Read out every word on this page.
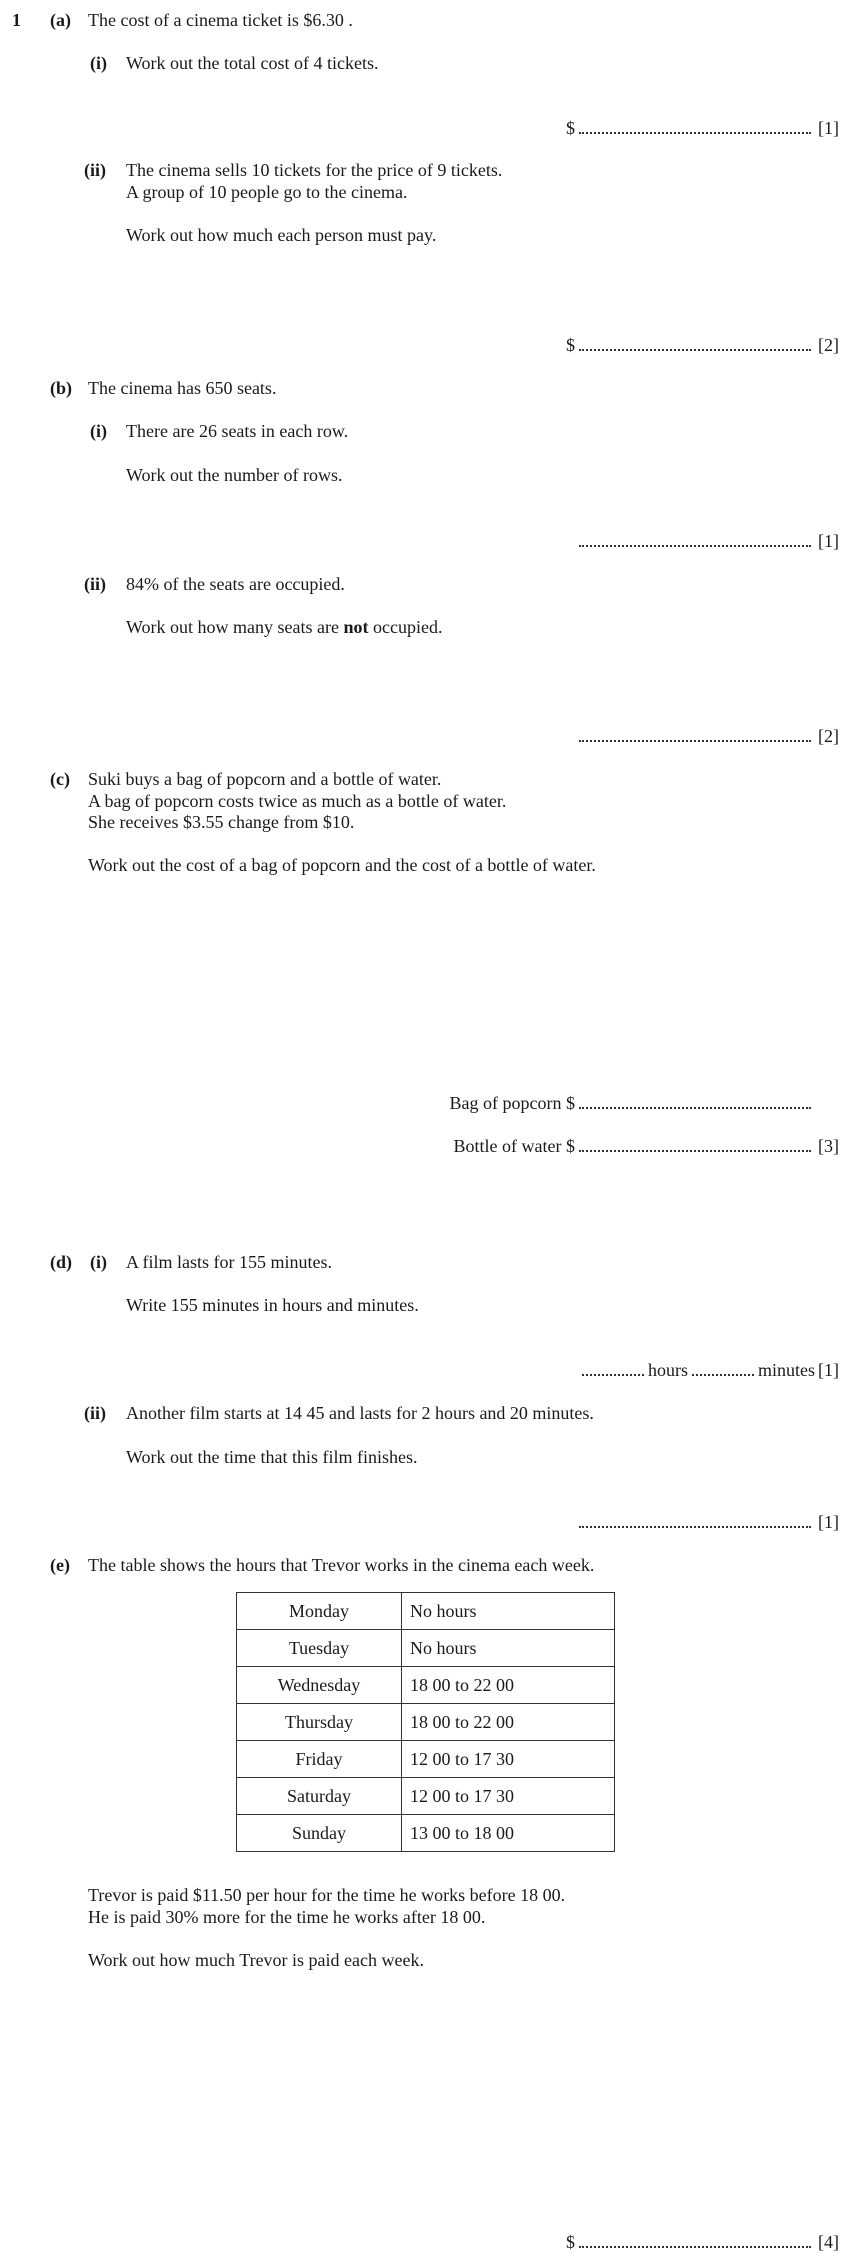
1 (a) The cost of a cinema ticket is $6.30 .
(i) Work out the total cost of 4 tickets.
$	[1]
(ii) The cinema sells 10 tickets for the price of 9 tickets.
A group of 10 people go to the cinema.
Work out how much each person must pay.
$	[2]
(b) The cinema has 650 seats.
(i) There are 26 seats in each row.
Work out the number of rows.
[1]
(ii) 84% of the seats are occupied.
Work out how many seats are not occupied.
[2]
(c) Suki buys a bag of popcorn and a bottle of water.
A bag of popcorn costs twice as much as a bottle of water.
She receives $3.55 change from $10.
Work out the cost of a bag of popcorn and the cost of a bottle of water.
Bag of popcorn $
Bottle of water $	[3]
(d) (i) A film lasts for 155 minutes.
Write 155 minutes in hours and minutes.
hours	minutes [1]
(ii) Another film starts at 14 45 and lasts for 2 hours and 20 minutes.
Work out the time that this film finishes.
[1]
(e) The table shows the hours that Trevor works in the cinema each week.
Monday	No hours
Tuesday	No hours
Wednesday	18 00 to 22 00
Thursday	18 00 to 22 00
Friday	12 00 to 17 30
Saturday	12 00 to 17 30
Sunday	13 00 to 18 00
Trevor is paid $11.50 per hour for the time he works before 18 00.
He is paid 30% more for the time he works after 18 00.
Work out how much Trevor is paid each week.
$	[4]
